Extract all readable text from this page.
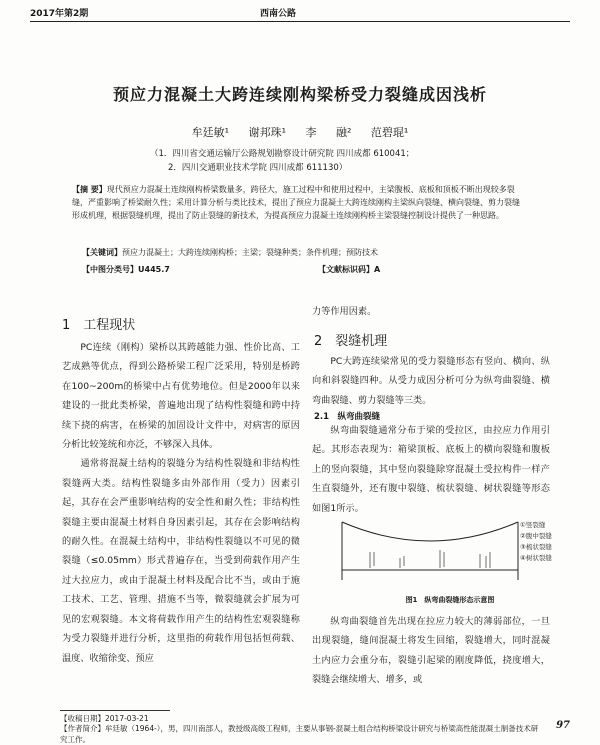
2017年第2期	西南公路
预应力混凝土大跨连续刚构梁桥受力裂缝成因浅析
牟廷敏¹ 谢邦珠¹ 李 融² 范碧琨¹
（1．四川省交通运输厅公路规划勘察设计研究院 四川成都 610041；
2．四川交通职业技术学院 四川成都 611130）
【摘 要】现代预应力混凝土连续刚构桥梁数量多，跨径大，施工过程中和使用过程中，主梁腹板、底板和顶板不断出现较多裂缝，严重影响了桥梁耐久性；采用计算分析与类比技术，提出了预应力混凝土大跨连续刚构主梁纵向裂缝、横向裂缝、剪力裂缝形成机理，根据裂缝机理，提出了防止裂缝的新技术，为提高预应力混凝土连续刚构桥主梁裂缝控制设计提供了一种思路。
【关键词】预应力混凝土；大跨连续刚构桥；主梁；裂缝种类；条件机理；预防技术
【中图分类号】U445.7	【文献标识码】A
1　工程现状

PC连续（刚构）梁桥以其跨越能力强、性价比高、工艺成熟等优点，得到公路桥梁工程广泛采用，特别是桥跨在100~200m的桥梁中占有优势地位。但是2000年以来建设的一批此类桥梁，普遍地出现了结构性裂缝和跨中持续下挠的病害，在桥梁的加固设计文件中，对病害的原因分析比较笼统和亦泛，不够深入具体。

通常将混凝土结构的裂缝分为结构性裂缝和非结构性裂缝两大类。结构性裂缝多由外部作用（受力）因素引起，其存在会严重影响结构的安全性和耐久性；非结构性裂缝主要由混凝土材料自身因素引起，其存在会影响结构的耐久性。在混凝土结构中，非结构性裂缝以不可见的微裂缝（≤0.05mm）形式普遍存在，当受到荷载作用产生过大拉应力，或由于混凝土材料及配合比不当，或由于施工技术、工艺、管理、措施不当等，微裂缝就会扩展为可见的宏观裂缝。本文将荷载作用产生的结构性宏观裂缝称为受力裂缝并进行分析，这里指的荷载作用包括恒荷载、温度、收缩徐变、预应

力等作用因素。
2　裂缝机理

PC大跨连续梁常见的受力裂缝形态有竖向、横向、纵向和斜裂缝四种。从受力成因分析可分为纵弯曲裂缝、横弯曲裂缝、剪力裂缝等三类。

2.1　纵弯曲裂缝

纵弯曲裂缝通常分布于梁的受拉区，由拉应力作用引起。其形态表现为：箱梁顶板、底板上的横向裂缝和腹板上的竖向裂缝，其中竖向裂缝除穿混凝土受拉构件一样产生直裂缝外，还有腹中裂缝、梳状裂缝、树状裂缝等形态如图1所示。

①竖裂缝
②腹中裂缝
③梳状裂缝
④树状裂缝
图1　纵弯曲裂缝形态示意图

纵弯曲裂缝首先出现在拉应力较大的薄弱部位，一旦出现裂缝，缝间混凝土将发生回缩，裂缝增大，同时混凝土内应力会重分布，裂缝引起梁的刚度降低，挠度增大，裂缝会继续增大、增多，或

【收稿日期】2017-03-21
【作者简介】牟廷敏（1964-），男，四川南部人，教授级高级工程师，主要从事钢-混凝土组合结构桥梁设计研究与桥梁高性能混凝土制备技术研究工作。
97
